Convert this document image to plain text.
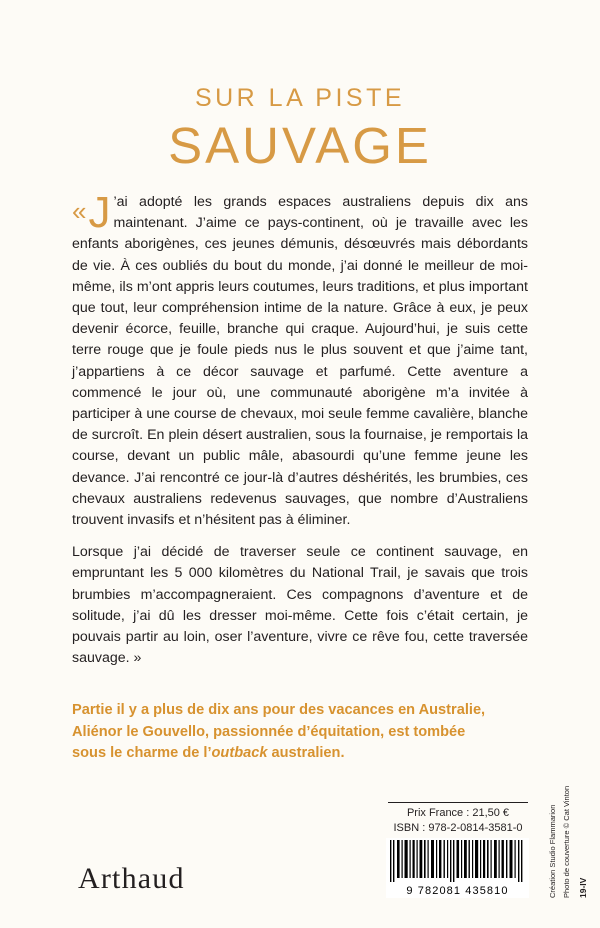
SUR LA PISTE
SAUVAGE
« J ’ai adopté les grands espaces australiens depuis dix ans maintenant. J’aime ce pays-continent, où je travaille avec les enfants aborigènes, ces jeunes démunis, désœuvrés mais débordants de vie. À ces oubliés du bout du monde, j’ai donné le meilleur de moi-même, ils m’ont appris leurs coutumes, leurs traditions, et plus important que tout, leur compréhension intime de la nature. Grâce à eux, je peux devenir écorce, feuille, branche qui craque. Aujourd’hui, je suis cette terre rouge que je foule pieds nus le plus souvent et que j’aime tant, j’appartiens à ce décor sauvage et parfumé. Cette aventure a commencé le jour où, une communauté aborigène m’a invitée à participer à une course de chevaux, moi seule femme cavalière, blanche de surcroît. En plein désert australien, sous la fournaise, je remportais la course, devant un public mâle, abasourdi qu’une femme jeune les devance. J’ai rencontré ce jour-là d’autres déshérités, les brumbies, ces chevaux australiens redevenus sauvages, que nombre d’Australiens trouvent invasifs et n’hésitent pas à éliminer.
Lorsque j’ai décidé de traverser seule ce continent sauvage, en empruntant les 5 000 kilomètres du National Trail, je savais que trois brumbies m’accompagneraient. Ces compagnons d’aventure et de solitude, j’ai dû les dresser moi-même. Cette fois c’était certain, je pouvais partir au loin, oser l’aventure, vivre ce rêve fou, cette traversée sauvage. »
Partie il y a plus de dix ans pour des vacances en Australie,
Aliénor le Gouvello, passionnée d’équitation, est tombée
sous le charme de l’outback australien.
Prix France : 21,50 €
ISBN : 978-2-0814-3581-0
9 782081 435810	Création Studio Flammarion Photo de couverture © Cat Vinton 19-IV
Arthaud
